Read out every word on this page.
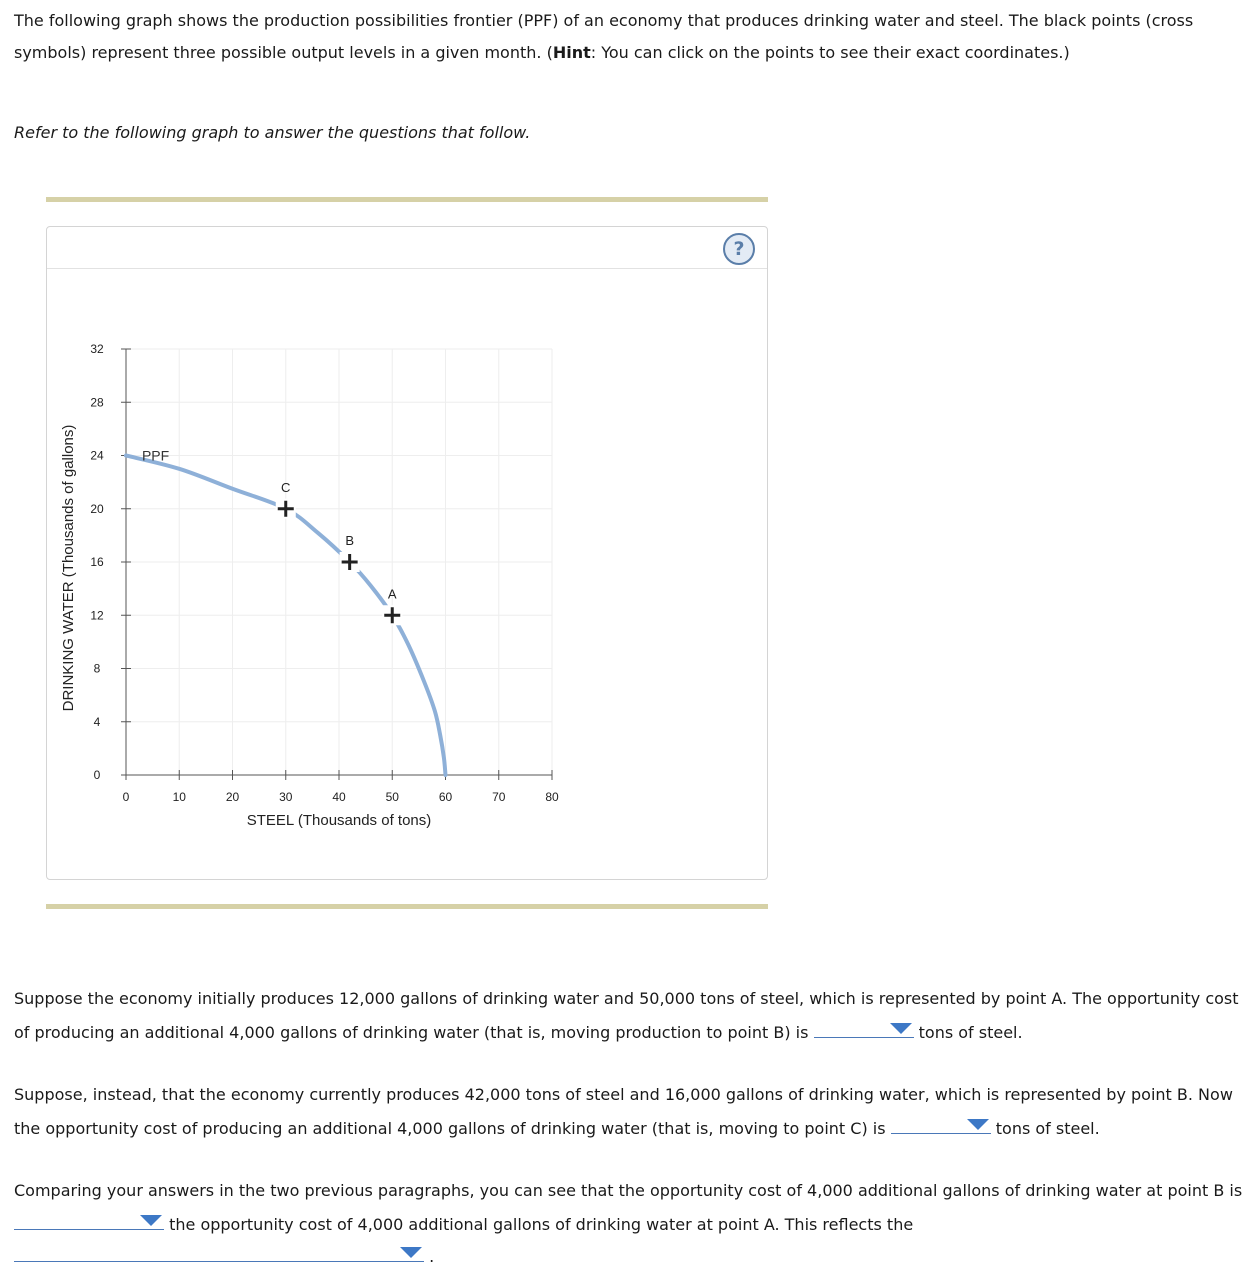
The following graph shows the production possibilities frontier (PPF) of an economy that produces drinking water and steel. The black points (cross symbols) represent three possible output levels in a given month. (Hint: You can click on the points to see their exact coordinates.)

Refer to the following graph to answer the questions that follow.

?
0	10	20	30	40	50	60	70	80
0
4
8
12
16
20
24
28
32
STEEL (Thousands of tons)
DRINKING WATER (Thousands of gallons)	PPF
A
B
C

Suppose the economy initially produces 12,000 gallons of drinking water and 50,000 tons of steel, which is represented by point A. The opportunity cost of producing an additional 4,000 gallons of drinking water (that is, moving production to point B) is	tons of steel.

Suppose, instead, that the economy currently produces 42,000 tons of steel and 16,000 gallons of drinking water, which is represented by point B. Now the opportunity cost of producing an additional 4,000 gallons of drinking water (that is, moving to point C) is	tons of steel.

Comparing your answers in the two previous paragraphs, you can see that the opportunity cost of 4,000 additional gallons of drinking water at point B is
the opportunity cost of 4,000 additional gallons of drinking water at point A. This reflects the

.
